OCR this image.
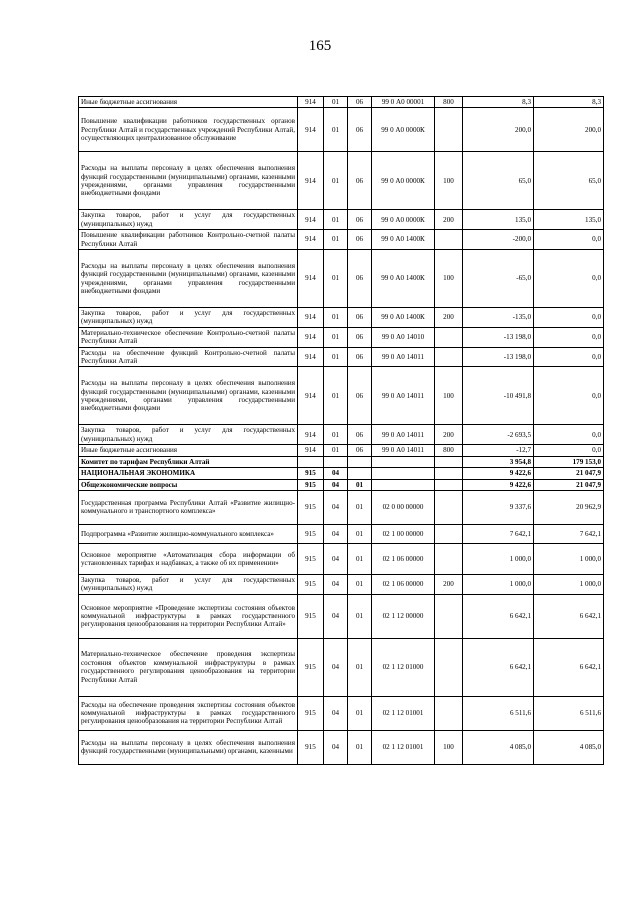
165
Иные бюджетные ассигнования	914	01	06	99 0 А0 00001	800	8,3	8,3
Повышение квалификации работников государственных органов Республики Алтай и государственных учреждений Республики Алтай, осуществляющих централизованное обслуживание	914	01	06	99 0 А0 0000К		200,0	200,0
Расходы на выплаты персоналу в целях обеспечения выполнения функций государственными (муниципальными) органами, казенными учреждениями, органами управления государственными внебюджетными фондами	914	01	06	99 0 А0 0000К	100	65,0	65,0
Закупка товаров, работ и услуг для государственных (муниципальных) нужд	914	01	06	99 0 А0 0000К	200	135,0	135,0
Повышение квалификации работников Контрольно-счетной палаты Республики Алтай	914	01	06	99 0 А0 1400К		-200,0	0,0
Расходы на выплаты персоналу в целях обеспечения выполнения функций государственными (муниципальными) органами, казенными учреждениями, органами управления государственными внебюджетными фондами	914	01	06	99 0 А0 1400К	100	-65,0	0,0
Закупка товаров, работ и услуг для государственных (муниципальных) нужд	914	01	06	99 0 А0 1400К	200	-135,0	0,0
Материально-техническое обеспечение Контрольно-счетной палаты Республики Алтай	914	01	06	99 0 А0 14010		-13 198,0	0,0
Расходы на обеспечение функций Контрольно-счетной палаты Республики Алтай	914	01	06	99 0 А0 14011		-13 198,0	0,0
Расходы на выплаты персоналу в целях обеспечения выполнения функций государственными (муниципальными) органами, казенными учреждениями, органами управления государственными внебюджетными фондами	914	01	06	99 0 А0 14011	100	-10 491,8	0,0
Закупка товаров, работ и услуг для государственных (муниципальных) нужд	914	01	06	99 0 А0 14011	200	-2 693,5	0,0
Иные бюджетные ассигнования	914	01	06	99 0 А0 14011	800	-12,7	0,0
Комитет по тарифам Республики Алтай						3 954,8	179 153,0
НАЦИОНАЛЬНАЯ ЭКОНОМИКА	915	04				9 422,6	21 047,9
Общеэкономические вопросы	915	04	01			9 422,6	21 047,9
Государственная программа Республики Алтай «Развитие жилищно-коммунального и транспортного комплекса»	915	04	01	02 0 00 00000		9 337,6	20 962,9
Подпрограмма «Развитие жилищно-коммунального комплекса»	915	04	01	02 1 00 00000		7 642,1	7 642,1
Основное мероприятие «Автоматизация сбора информации об установленных тарифах и надбавках, а также об их применении»	915	04	01	02 1 06 00000		1 000,0	1 000,0
Закупка товаров, работ и услуг для государственных (муниципальных) нужд	915	04	01	02 1 06 00000	200	1 000,0	1 000,0
Основное мероприятие «Проведение экспертизы состояния объектов коммунальной инфраструктуры в рамках государственного регулирования ценообразования на территории Республики Алтай»	915	04	01	02 1 12 00000		6 642,1	6 642,1
Материально-техническое обеспечение проведения экспертизы состояния объектов коммунальной инфраструктуры в рамках государственного регулирования ценообразования на территории Республики Алтай	915	04	01	02 1 12 01000		6 642,1	6 642,1
Расходы на обеспечение проведения экспертизы состояния объектов коммунальной инфраструктуры в рамках государственного регулирования ценообразования на территории Республики Алтай	915	04	01	02 1 12 01001		6 511,6	6 511,6
Расходы на выплаты персоналу в целях обеспечения выполнения функций государственными (муниципальными) органами, казенными	915	04	01	02 1 12 01001	100	4 085,0	4 085,0
